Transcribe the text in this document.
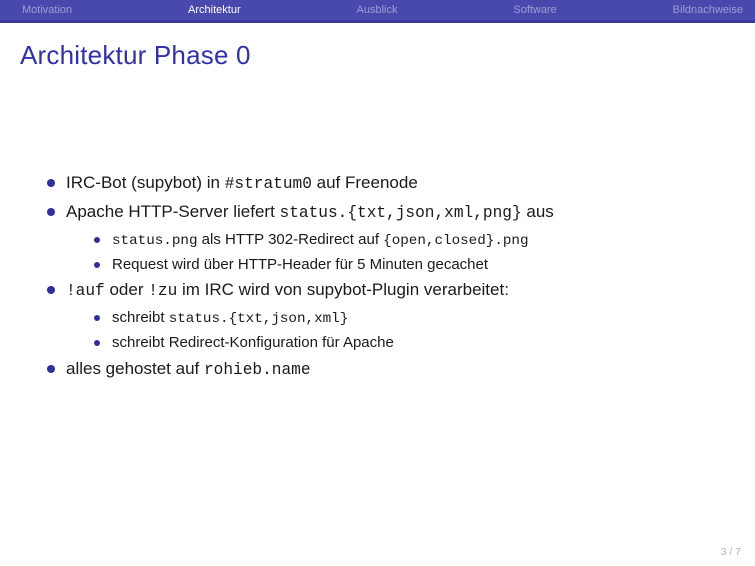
Motivation	Architektur	Ausblick	Software	Bildnachweise
Architektur Phase 0
IRC-Bot (supybot) in #stratum0 auf Freenode
Apache HTTP-Server liefert status.{txt,json,xml,png} aus
status.png als HTTP 302-Redirect auf {open,closed}.png
Request wird über HTTP-Header für 5 Minuten gecachet
!auf oder !zu im IRC wird von supybot-Plugin verarbeitet:
schreibt status.{txt,json,xml}
schreibt Redirect-Konfiguration für Apache
alles gehostet auf rohieb.name
3 / 7
